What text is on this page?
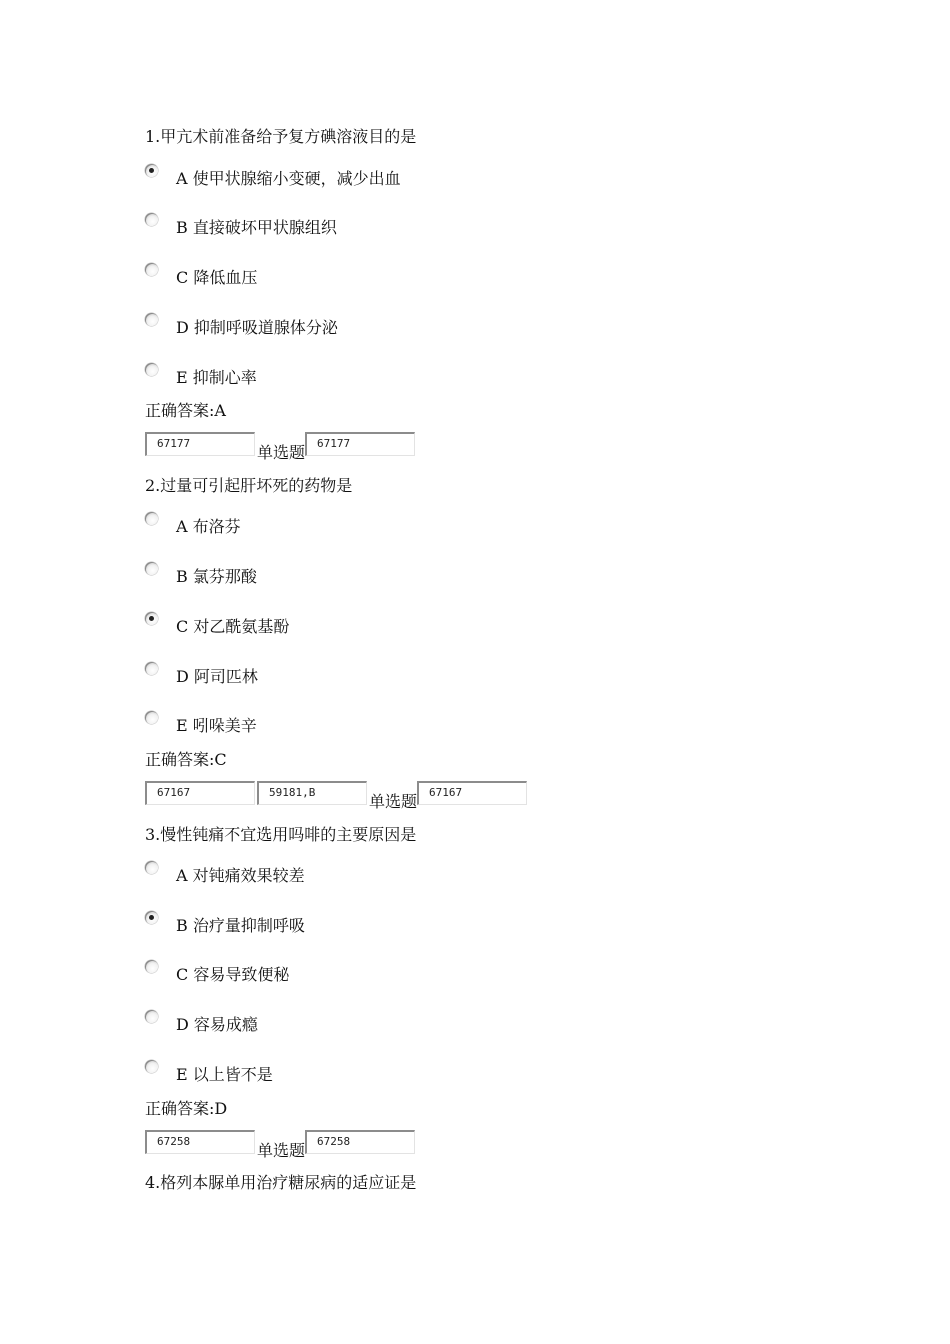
1.甲亢术前准备给予复方碘溶液目的是
A 使甲状腺缩小变硬，减少出血
B 直接破坏甲状腺组织
C 降低血压
D 抑制呼吸道腺体分泌
E 抑制心率
正确答案:A
67177	单选题	67177
2.过量可引起肝坏死的药物是
A 布洛芬
B 氯芬那酸
C 对乙酰氨基酚
D 阿司匹林
E 吲哚美辛
正确答案:C
67167	59181,B	单选题	67167
3.慢性钝痛不宜选用吗啡的主要原因是
A 对钝痛效果较差
B 治疗量抑制呼吸
C 容易导致便秘
D 容易成瘾
E 以上皆不是
正确答案:D
67258	单选题	67258
4.格列本脲单用治疗糖尿病的适应证是
